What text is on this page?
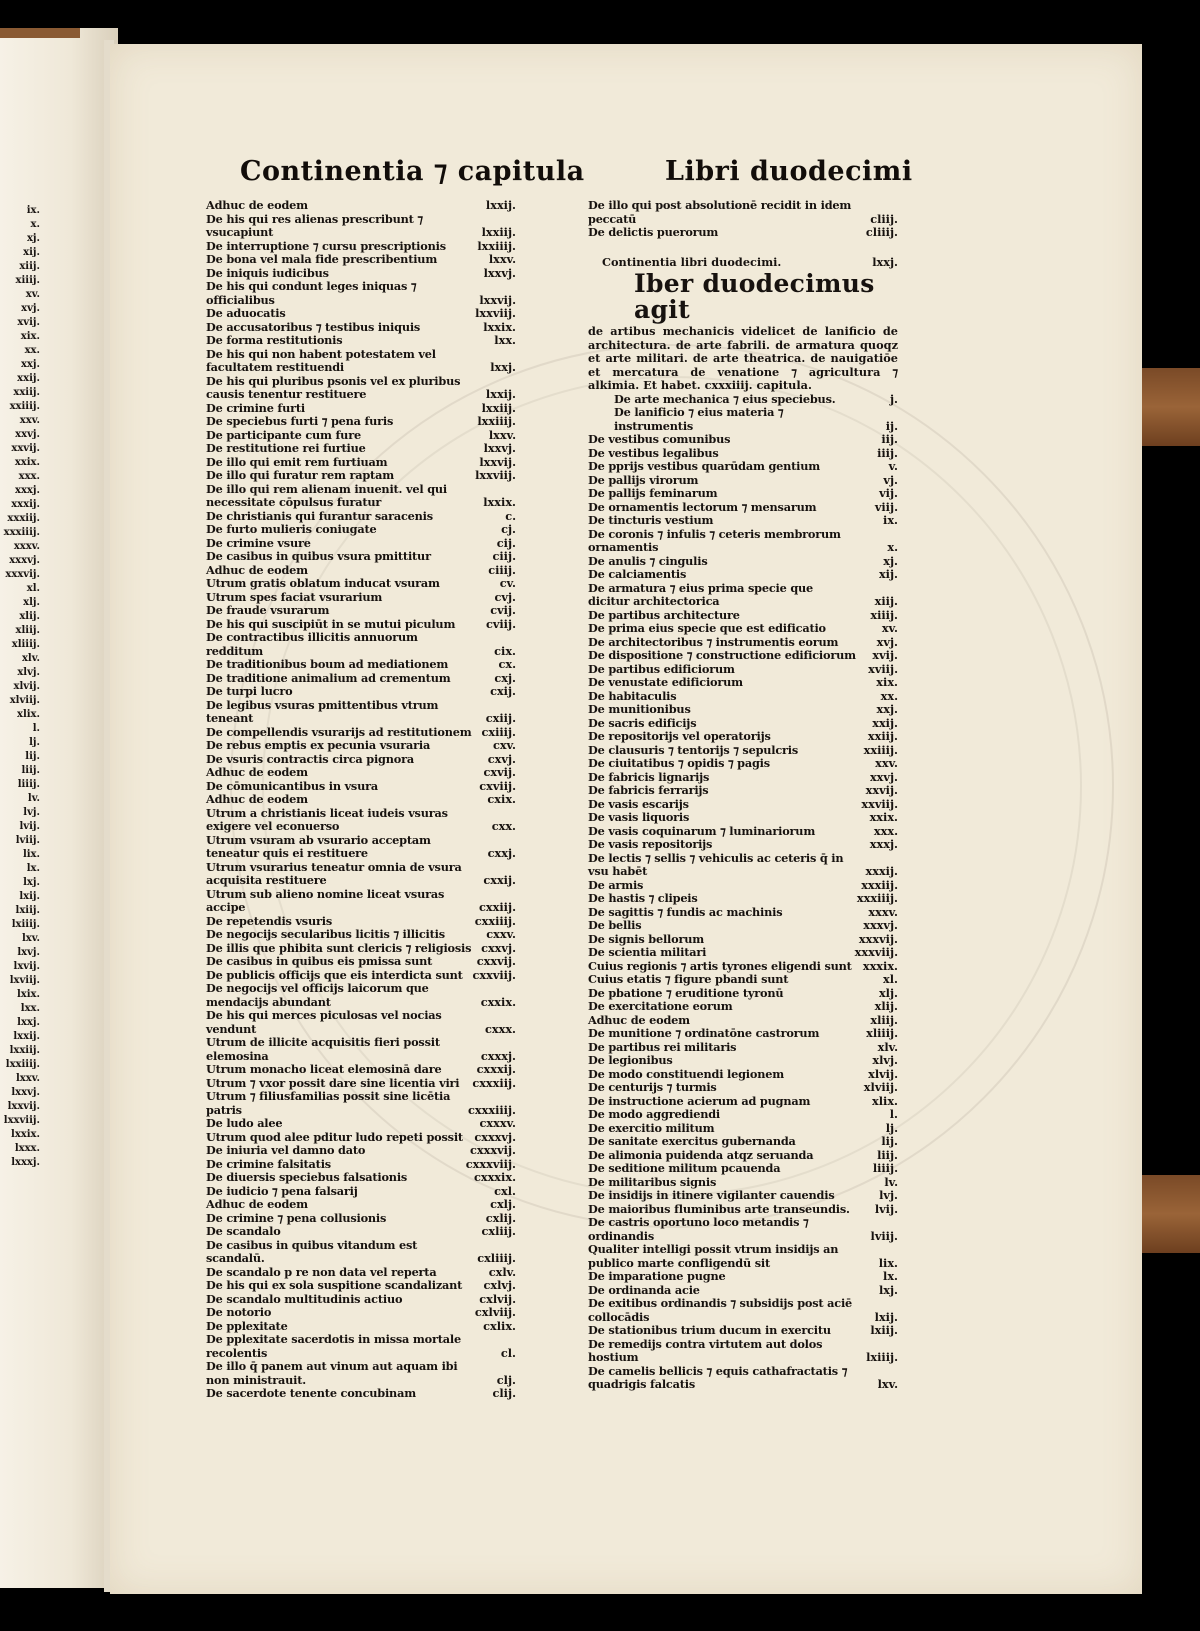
ix.
x.
xj.
xij.
xiij.
xiiij.
xv.
xvj.
xvij.
xix.
xx.
xxj.
xxij.
xxiij.
xxiiij.
xxv.
xxvj.
xxvij.
xxix.
xxx.
xxxj.
xxxij.
xxxiij.
xxxiiij.
xxxv.
xxxvj.
xxxvij.
xl.
xlj.
xlij.
xliij.
xliiij.
xlv.
xlvj.
xlvij.
xlviij.
xlix.
l.
lj.
lij.
liij.
liiij.
lv.
lvj.
lvij.
lviij.
lix.
lx.
lxj.
lxij.
lxiij.
lxiiij.
lxv.
lxvj.
lxvij.
lxviij.
lxix.
lxx.
lxxj.
lxxij.
lxxiij.
lxxiiij.
lxxv.
lxxvj.
lxxvij.
lxxviij.
lxxix.
lxxx.
lxxxj.
Continentia ⁊ capitula	Libri duodecimi
Adhuc de eodem	lxxij.
De his qui res alienas prescribunt ⁊ vsucapiunt	lxxiij.
De interruptione ⁊ cursu prescriptionis	lxxiiij.
De bona vel mala fide prescribentium	lxxv.
De iniquis iudicibus	lxxvj.
De his qui condunt leges iniquas ⁊ officialibus	lxxvij.
De aduocatis	lxxviij.
De accusatoribus ⁊ testibus iniquis	lxxix.
De forma restitutionis	lxx.
De his qui non habent potestatem vel facultatem restituendi	lxxj.
De his qui pluribus psonis vel ex pluribus causis tenentur restituere	lxxij.
De crimine furti	lxxiij.
De speciebus furti ⁊ pena furis	lxxiiij.
De participante cum fure	lxxv.
De restitutione rei furtiue	lxxvj.
De illo qui emit rem furtiuam	lxxvij.
De illo qui furatur rem raptam	lxxviij.
De illo qui rem alienam inuenit. vel qui necessitate cōpulsus furatur	lxxix.
De christianis qui furantur saracenis	c.
De furto mulieris coniugate	cj.
De crimine vsure	cij.
De casibus in quibus vsura pmittitur	ciij.
Adhuc de eodem	ciiij.
Utrum gratis oblatum inducat vsuram	cv.
Utrum spes faciat vsurarium	cvj.
De fraude vsurarum	cvij.
De his qui suscipiūt in se mutui piculum	cviij.
De contractibus illicitis annuorum redditum	cix.
De traditionibus boum ad mediationem	cx.
De traditione animalium ad crementum	cxj.
De turpi lucro	cxij.
De legibus vsuras pmittentibus vtrum teneant	cxiij.
De compellendis vsurarijs ad restitutionem cxiiij.
De rebus emptis ex pecunia vsuraria	cxv.
De vsuris contractis circa pignora	cxvj.
Adhuc de eodem	cxvij.
De cōmunicantibus in vsura	cxviij.
Adhuc de eodem	cxix.
Utrum a christianis liceat iudeis vsuras exigere vel econuerso	cxx.
Utrum vsuram ab vsurario acceptam teneatur quis ei restituere	cxxj.
Utrum vsurarius teneatur omnia de vsura acquisita restituere	cxxij.
Utrum sub alieno nomine liceat vsuras accipe	cxxiij.
De repetendis vsuris	cxxiiij.
De negocijs secularibus licitis ⁊ illicitis	cxxv.
De illis que phibita sunt clericis ⁊ religiosis cxxvj.
De casibus in quibus eis pmissa sunt	cxxvij.
De publicis officijs que eis interdicta sunt cxxviij.
De negocijs vel officijs laicorum que mendacijs abundant	cxxix.
De his qui merces piculosas vel nocias vendunt	cxxx.
Utrum de illicite acquisitis fieri possit elemosina	cxxxj.
Utrum monacho liceat elemosinā dare	cxxxij.
Utrum ⁊ vxor possit dare sine licentia viri	cxxxiij.
Utrum ⁊ filiusfamilias possit sine licētia patris	cxxxiiij.
De ludo alee	cxxxv.
Utrum quod alee pditur ludo repeti possit	cxxxvj.
De iniuria vel damno dato	cxxxvij.
De crimine falsitatis	cxxxviij.
De diuersis speciebus falsationis	cxxxix.
De iudicio ⁊ pena falsarij	cxl.
Adhuc de eodem	cxlj.
De crimine ⁊ pena collusionis	cxlij.
De scandalo	cxliij.
De casibus in quibus vitandum est scandalū.	cxliiij.
De scandalo p re non data vel reperta	cxlv.
De his qui ex sola suspitione scandalizant	cxlvj.
De scandalo multitudinis actiuo	cxlvij.
De notorio	cxlviij.
De pplexitate	cxlix.
De pplexitate sacerdotis in missa mortale recolentis	cl.
De illo q̄ panem aut vinum aut aquam ibi non ministrauit.	clj.
De sacerdote tenente concubinam	clij.
De illo qui post absolutionē recidit in idem peccatū	cliij.
De delictis puerorum	cliiij.
Continentia libri duodecimi.	lxxj.
Iber duodecimus agit
de artibus mechanicis videlicet de lanificio de architectura. de arte fabrili. de armatura quoqz et arte militari. de arte theatrica. de nauigatiōe et mercatura de venatione ⁊ agricultura ⁊ alkimia. Et habet. cxxxiiij. capitula.
De arte mechanica ⁊ eius speciebus.	j.
De lanificio ⁊ eius materia ⁊ instrumentis	ij.
De vestibus comunibus	iij.
De vestibus legalibus	iiij.
De pprijs vestibus quarūdam gentium	v.
De pallijs virorum	vj.
De pallijs feminarum	vij.
De ornamentis lectorum ⁊ mensarum	viij.
De tincturis vestium	ix.
De coronis ⁊ infulis ⁊ ceteris membrorum ornamentis	x.
De anulis ⁊ cingulis	xj.
De calciamentis	xij.
De armatura ⁊ eius prima specie que dicitur architectorica	xiij.
De partibus architecture	xiiij.
De prima eius specie que est edificatio	xv.
De architectoribus ⁊ instrumentis eorum	xvj.
De dispositione ⁊ constructione edificiorum	xvij.
De partibus edificiorum	xviij.
De venustate edificiorum	xix.
De habitaculis	xx.
De munitionibus	xxj.
De sacris edificijs	xxij.
De repositorijs vel operatorijs	xxiij.
De clausuris ⁊ tentorijs ⁊ sepulcris	xxiiij.
De ciuitatibus ⁊ opidis ⁊ pagis	xxv.
De fabricis lignarijs	xxvj.
De fabricis ferrarijs	xxvij.
De vasis escarijs	xxviij.
De vasis liquoris	xxix.
De vasis coquinarum ⁊ luminariorum	xxx.
De vasis repositorijs	xxxj.
De lectis ⁊ sellis ⁊ vehiculis ac ceteris q̄ in vsu habēt	xxxij.
De armis	xxxiij.
De hastis ⁊ clipeis	xxxiiij.
De sagittis ⁊ fundis ac machinis	xxxv.
De bellis	xxxvj.
De signis bellorum	xxxvij.
De scientia militari	xxxviij.
Cuius regionis ⁊ artis tyrones eligendi sunt xxxix.
Cuius etatis ⁊ figure pbandi sunt	xl.
De pbatione ⁊ eruditione tyronū	xlj.
De exercitatione eorum	xlij.
Adhuc de eodem	xliij.
De munitione ⁊ ordinatōne castrorum	xliiij.
De partibus rei militaris	xlv.
De legionibus	xlvj.
De modo constituendi legionem	xlvij.
De centurijs ⁊ turmis	xlviij.
De instructione acierum ad pugnam	xlix.
De modo aggrediendi	l.
De exercitio militum	lj.
De sanitate exercitus gubernanda	lij.
De alimonia puidenda atqz seruanda	liij.
De seditione militum pcauenda	liiij.
De militaribus signis	lv.
De insidijs in itinere vigilanter cauendis	lvj.
De maioribus fluminibus arte transeundis.	lvij.
De castris oportuno loco metandis ⁊ ordinandis	lviij.
Qualiter intelligi possit vtrum insidijs an publico marte confligendū sit	lix.
De imparatione pugne	lx.
De ordinanda acie	lxj.
De exitibus ordinandis ⁊ subsidijs post aciē collocādis	lxij.
De stationibus trium ducum in exercitu	lxiij.
De remedijs contra virtutem aut dolos hostium	lxiiij.
De camelis bellicis ⁊ equis cathafractatis ⁊ quadrigis falcatis	lxv.
